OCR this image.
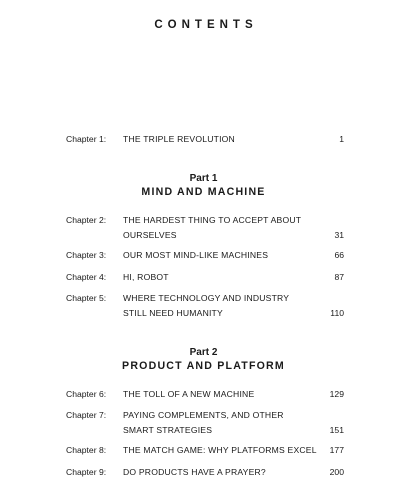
CONTENTS
Chapter 1: THE TRIPLE REVOLUTION	1
Part 1
MIND AND MACHINE
Chapter 2: THE HARDEST THING TO ACCEPT ABOUT
OURSELVES	31
Chapter 3: OUR MOST MIND-LIKE MACHINES	66
Chapter 4: HI, ROBOT	87
Chapter 5: WHERE TECHNOLOGY AND INDUSTRY
STILL NEED HUMANITY	110
Part 2
PRODUCT AND PLATFORM
Chapter 6: THE TOLL OF A NEW MACHINE	129
Chapter 7: PAYING COMPLEMENTS, AND OTHER
SMART STRATEGIES	151
Chapter 8: THE MATCH GAME: WHY PLATFORMS EXCEL 177
Chapter 9: DO PRODUCTS HAVE A PRAYER?	200
